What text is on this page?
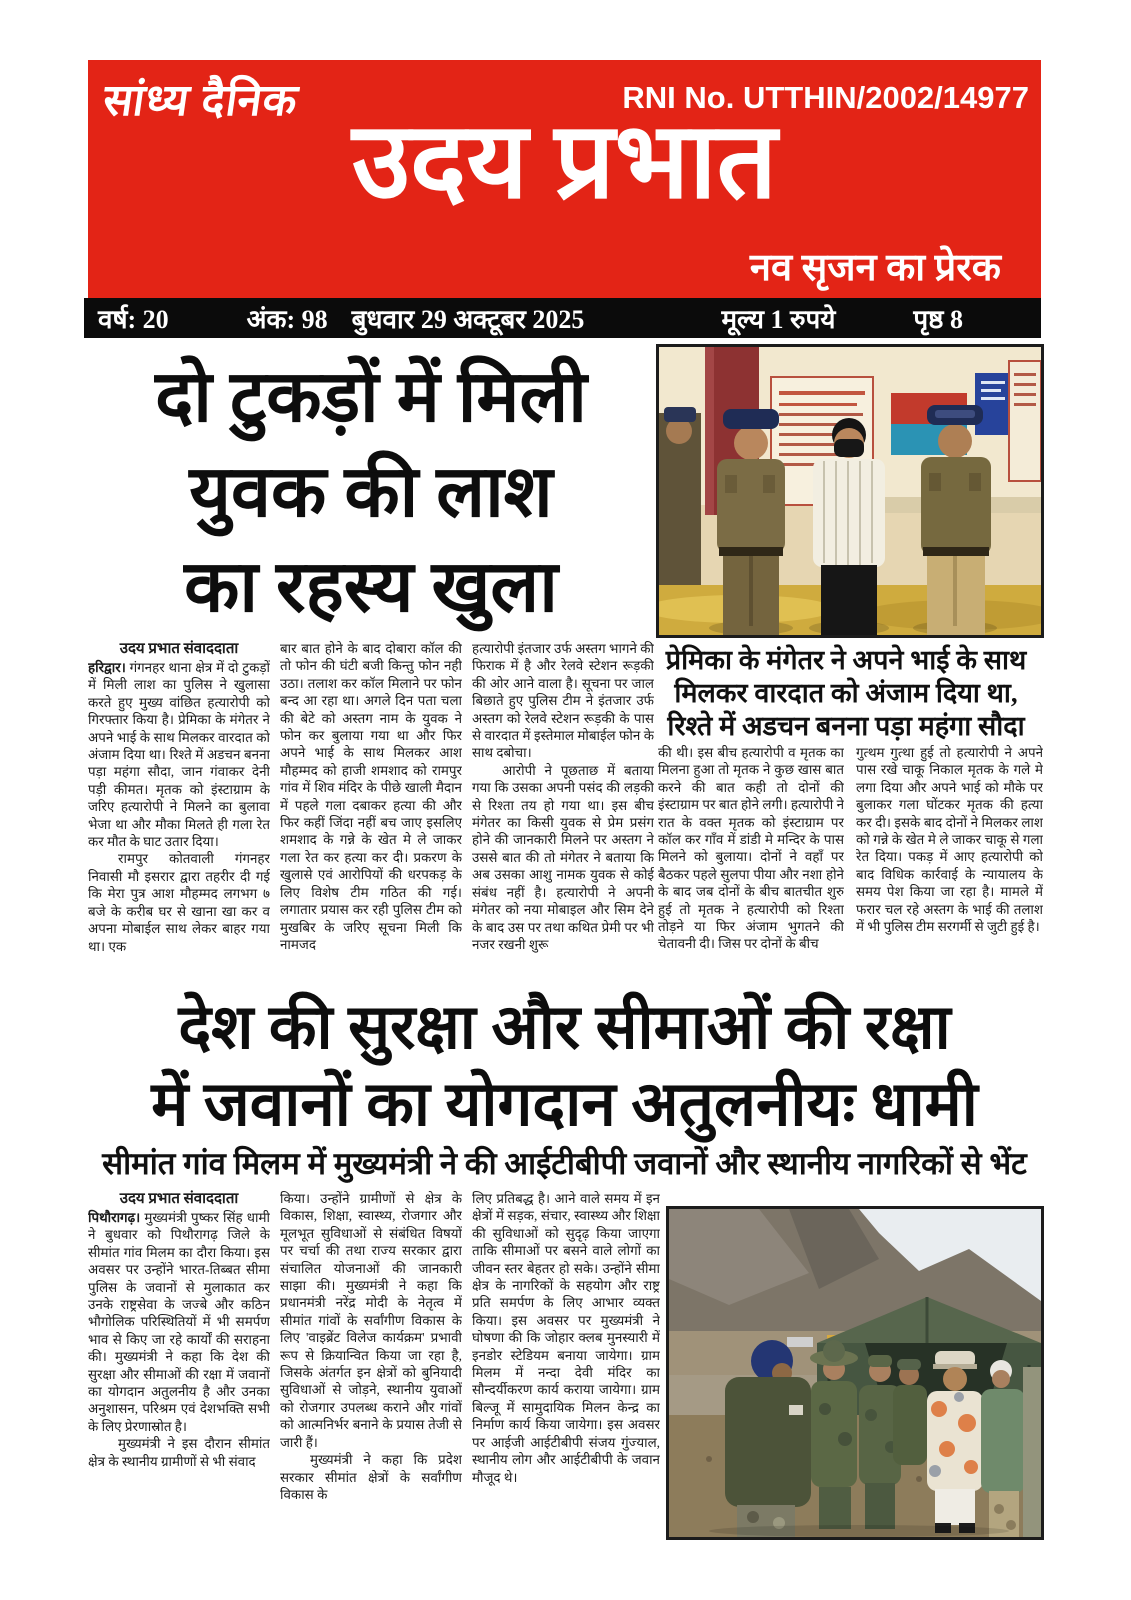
सांध्य दैनिक	RNI No. UTTHIN/2002/14977
उदय प्रभात
नव सृजन का प्रेरक
वर्ष: 20	अंक: 98 बुधवार 29 अक्टूबर 2025	मूल्य 1 रुपये	पृष्ठ 8
दो टुकड़ों में मिली
युवक की लाश
का रहस्य खुला
प्रेमिका के मंगेतर ने अपने भाई के साथ
मिलकर वारदात को अंजाम दिया था,
रिश्ते में अडचन बनना पड़ा महंगा सौदा
उदय प्रभात संवाददाता

हरिद्वार। गंगनहर थाना क्षेत्र में दो टुकड़ों में मिली लाश का पुलिस ने खुलासा करते हुए मुख्य वांछित हत्यारोपी को गिरफ्तार किया है। प्रेमिका के मंगेतर ने अपने भाई के साथ मिलकर वारदात को अंजाम दिया था। रिश्ते में अडचन बनना पड़ा महंगा सौदा, जान गंवाकर देनी पड़ी कीमत। मृतक को इंस्टाग्राम के जरिए हत्यारोपी ने मिलने का बुलावा भेजा था और मौका मिलते ही गला रेत कर मौत के घाट उतार दिया।

रामपुर कोतवाली गंगनहर निवासी मौ इसरार द्वारा तहरीर दी गई कि मेरा पुत्र आश मौहम्मद लगभग ७ बजे के करीब घर से खाना खा कर व अपना मोबाईल साथ लेकर बाहर गया था। एक

बार बात होने के बाद दोबारा कॉल की तो फोन की घंटी बजी किन्तु फोन नही उठा। तलाश कर कॉल मिलाने पर फोन बन्द आ रहा था। अगले दिन पता चला की बेटे को अस्तग नाम के युवक ने फोन कर बुलाया गया था और फिर अपने भाई के साथ मिलकर आश मौहम्मद को हाजी शमशाद को रामपुर गांव में शिव मंदिर के पीछे खाली मैदान में पहले गला दबाकर हत्या की और फिर कहीं जिंदा नहीं बच जाए इसलिए शमशाद के गन्ने के खेत मे ले जाकर गला रेत कर हत्या कर दी। प्रकरण के खुलासे एवं आरोपियों की धरपकड़ के लिए विशेष टीम गठित की गई। लगातार प्रयास कर रही पुलिस टीम को मुखबिर के जरिए सूचना मिली कि नामजद

हत्यारोपी इंतजार उर्फ अस्तग भागने की फिराक में है और रेलवे स्टेशन रूड़की की ओर आने वाला है। सूचना पर जाल बिछाते हुए पुलिस टीम ने इंतजार उर्फ अस्तग को रेलवे स्टेशन रूड़की के पास से वारदात में इस्तेमाल मोबाईल फोन के साथ दबोचा।

आरोपी ने पूछताछ में बताया गया कि उसका अपनी पसंद की लड़की से रिश्ता तय हो गया था। इस बीच मंगेतर का किसी युवक से प्रेम प्रसंग होने की जानकारी मिलने पर अस्तग ने उससे बात की तो मंगेतर ने बताया कि अब उसका आशु नामक युवक से कोई संबंध नहीं है। हत्यारोपी ने अपनी मंगेतर को नया मोबाइल और सिम देने के बाद उस पर तथा कथित प्रेमी पर भी नजर रखनी शुरू

की थी। इस बीच हत्यारोपी व मृतक का मिलना हुआ तो मृतक ने कुछ खास बात करने की बात कही तो दोनों की इंस्टाग्राम पर बात होने लगी। हत्यारोपी ने रात के वक्त मृतक को इंस्टाग्राम पर कॉल कर गाँव में डांडी मे मन्दिर के पास मिलने को बुलाया। दोनों ने वहाँ पर बैठकर पहले सुलपा पीया और नशा होने के बाद जब दोनों के बीच बातचीत शुरु हुई तो मृतक ने हत्यारोपी को रिश्ता तोड़ने या फिर अंजाम भुगतने की चेतावनी दी। जिस पर दोनों के बीच

गुत्थम गुत्था हुई तो हत्यारोपी ने अपने पास रखे चाकू निकाल मृतक के गले मे लगा दिया और अपने भाई को मौके पर बुलाकर गला घोंटकर मृतक की हत्या कर दी। इसके बाद दोनों ने मिलकर लाश को गन्ने के खेत मे ले जाकर चाकू से गला रेत दिया। पकड़ में आए हत्यारोपी को बाद विधिक कार्रवाई के न्यायालय के समय पेश किया जा रहा है। मामले में फरार चल रहे अस्तग के भाई की तलाश में भी पुलिस टीम सरगर्मी से जुटी हुई है।

देश की सुरक्षा और सीमाओं की रक्षा
में जवानों का योगदान अतुलनीयः धामी
सीमांत गांव मिलम में मुख्यमंत्री ने की आईटीबीपी जवानों और स्थानीय नागरिकों से भेंट
उदय प्रभात संवाददाता

पिथौरागढ़। मुख्यमंत्री पुष्कर सिंह धामी ने बुधवार को पिथौरागढ़ जिले के सीमांत गांव मिलम का दौरा किया। इस अवसर पर उन्होंने भारत-तिब्बत सीमा पुलिस के जवानों से मुलाकात कर उनके राष्ट्रसेवा के जज्बे और कठिन भौगोलिक परिस्थितियों में भी समर्पण भाव से किए जा रहे कार्यों की सराहना की। मुख्यमंत्री ने कहा कि देश की सुरक्षा और सीमाओं की रक्षा में जवानों का योगदान अतुलनीय है और उनका अनुशासन, परिश्रम एवं देशभक्ति सभी के लिए प्रेरणास्रोत है।

मुख्यमंत्री ने इस दौरान सीमांत क्षेत्र के स्थानीय ग्रामीणों से भी संवाद

किया। उन्होंने ग्रामीणों से क्षेत्र के विकास, शिक्षा, स्वास्थ्य, रोजगार और मूलभूत सुविधाओं से संबंधित विषयों पर चर्चा की तथा राज्य सरकार द्वारा संचालित योजनाओं की जानकारी साझा की। मुख्यमंत्री ने कहा कि प्रधानमंत्री नरेंद्र मोदी के नेतृत्व में सीमांत गांवों के सर्वांगीण विकास के लिए 'वाइब्रेंट विलेज कार्यक्रम' प्रभावी रूप से क्रियान्वित किया जा रहा है, जिसके अंतर्गत इन क्षेत्रों को बुनियादी सुविधाओं से जोड़ने, स्थानीय युवाओं को रोजगार उपलब्ध कराने और गांवों को आत्मनिर्भर बनाने के प्रयास तेजी से जारी हैं।

मुख्यमंत्री ने कहा कि प्रदेश सरकार सीमांत क्षेत्रों के सर्वांगीण विकास के

लिए प्रतिबद्ध है। आने वाले समय में इन क्षेत्रों में सड़क, संचार, स्वास्थ्य और शिक्षा की सुविधाओं को सुदृढ़ किया जाएगा ताकि सीमाओं पर बसने वाले लोगों का जीवन स्तर बेहतर हो सके। उन्होंने सीमा क्षेत्र के नागरिकों के सहयोग और राष्ट्र प्रति समर्पण के लिए आभार व्यक्त किया। इस अवसर पर मुख्यमंत्री ने घोषणा की कि जोहार क्लब मुनस्यारी में इनडोर स्टेडियम बनाया जायेगा। ग्राम मिलम में नन्दा देवी मंदिर का सौन्दर्यीकरण कार्य कराया जायेगा। ग्राम बिल्जू में सामुदायिक मिलन केन्द्र का निर्माण कार्य किया जायेगा। इस अवसर पर आईजी आईटीबीपी संजय गुंज्याल, स्थानीय लोग और आईटीबीपी के जवान मौजूद थे।
